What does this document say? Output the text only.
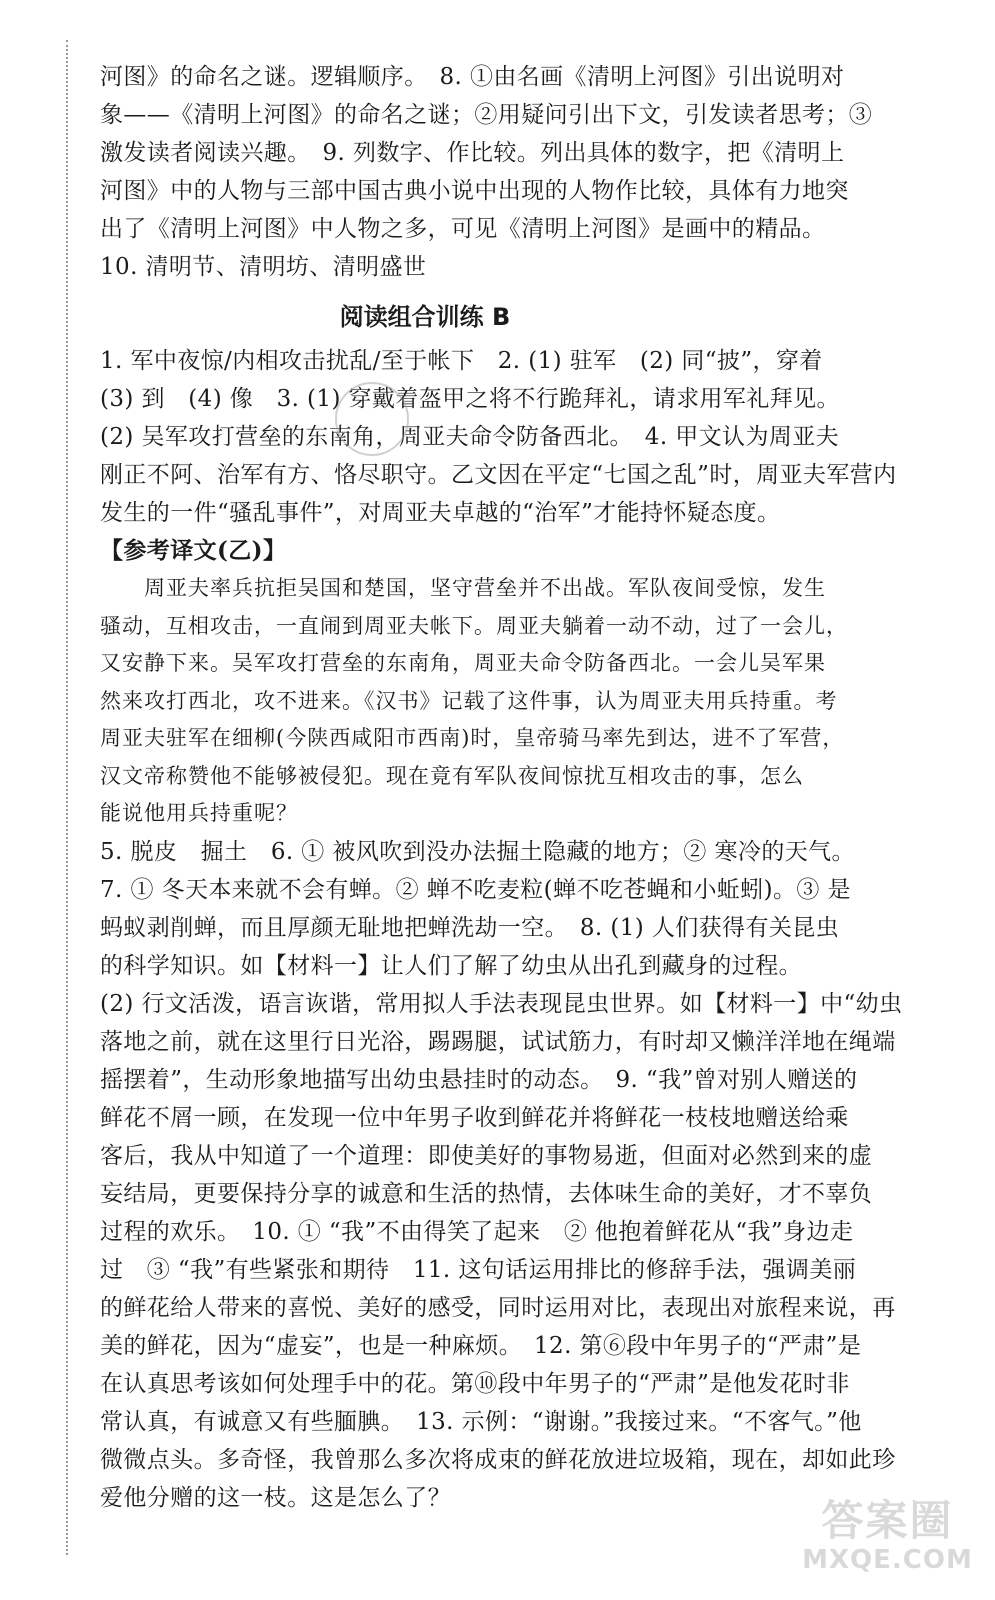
河图》的命名之谜。逻辑顺序。　8. ①由名画《清明上河图》引出说明对
象——《清明上河图》的命名之谜；②用疑问引出下文，引发读者思考；③
激发读者阅读兴趣。　9. 列数字、作比较。列出具体的数字，把《清明上
河图》中的人物与三部中国古典小说中出现的人物作比较，具体有力地突
出了《清明上河图》中人物之多，可见《清明上河图》是画中的精品。
10. 清明节、清明坊、清明盛世
阅读组合训练 B
1. 军中夜惊/内相攻击扰乱/至于帐下　2. (1) 驻军　(2) 同“披”，穿着
(3) 到　(4) 像　3. (1) 穿戴着盔甲之将不行跪拜礼，请求用军礼拜见。
(2) 吴军攻打营垒的东南角，周亚夫命令防备西北。　4. 甲文认为周亚夫
刚正不阿、治军有方、恪尽职守。乙文因在平定“七国之乱”时，周亚夫军营内
发生的一件“骚乱事件”，对周亚夫卓越的“治军”才能持怀疑态度。
【参考译文(乙)】
周亚夫率兵抗拒吴国和楚国，坚守营垒并不出战。军队夜间受惊，发生
骚动，互相攻击，一直闹到周亚夫帐下。周亚夫躺着一动不动，过了一会儿，
又安静下来。吴军攻打营垒的东南角，周亚夫命令防备西北。一会儿吴军果
然来攻打西北，攻不进来。《汉书》记载了这件事，认为周亚夫用兵持重。考
周亚夫驻军在细柳(今陕西咸阳市西南)时，皇帝骑马率先到达，进不了军营，
汉文帝称赞他不能够被侵犯。现在竟有军队夜间惊扰互相攻击的事，怎么
能说他用兵持重呢？
5. 脱皮　掘土　6. ① 被风吹到没办法掘土隐藏的地方；② 寒冷的天气。
7. ① 冬天本来就不会有蝉。② 蝉不吃麦粒(蝉不吃苍蝇和小蚯蚓)。③ 是
蚂蚁剥削蝉，而且厚颜无耻地把蝉洗劫一空。　8. (1) 人们获得有关昆虫
的科学知识。如【材料一】让人们了解了幼虫从出孔到藏身的过程。
(2) 行文活泼，语言诙谐，常用拟人手法表现昆虫世界。如【材料一】中“幼虫
落地之前，就在这里行日光浴，踢踢腿，试试筋力，有时却又懒洋洋地在绳端
摇摆着”，生动形象地描写出幼虫悬挂时的动态。　9. “我”曾对别人赠送的
鲜花不屑一顾，在发现一位中年男子收到鲜花并将鲜花一枝枝地赠送给乘
客后，我从中知道了一个道理：即使美好的事物易逝，但面对必然到来的虚
妄结局，更要保持分享的诚意和生活的热情，去体味生命的美好，才不辜负
过程的欢乐。　10. ① “我”不由得笑了起来　② 他抱着鲜花从“我”身边走
过　③ “我”有些紧张和期待　11. 这句话运用排比的修辞手法，强调美丽
的鲜花给人带来的喜悦、美好的感受，同时运用对比，表现出对旅程来说，再
美的鲜花，因为“虚妄”，也是一种麻烦。　12. 第⑥段中年男子的“严肃”是
在认真思考该如何处理手中的花。第⑩段中年男子的“严肃”是他发花时非
常认真，有诚意又有些腼腆。　13. 示例：“谢谢。”我接过来。“不客气。”他
微微点头。多奇怪，我曾那么多次将成束的鲜花放进垃圾箱，现在，却如此珍
爱他分赠的这一枝。这是怎么了？	答案圈
MXQE.COM
